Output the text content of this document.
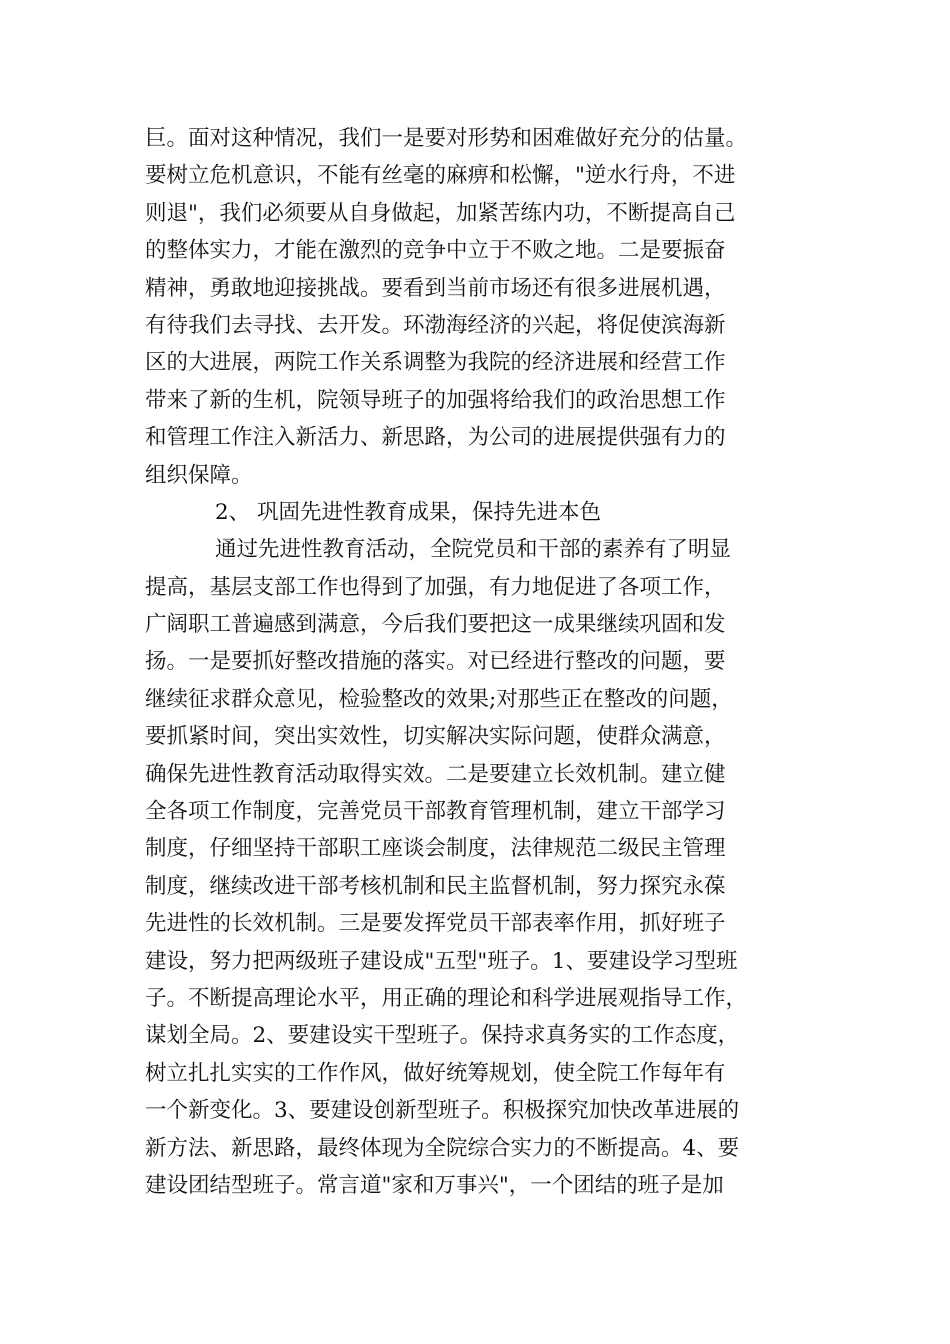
巨。面对这种情况，我们一是要对形势和困难做好充分的估量。
要树立危机意识，不能有丝毫的麻痹和松懈，"逆水行舟，不进
则退"，我们必须要从自身做起，加紧苦练内功，不断提高自己
的整体实力，才能在激烈的竞争中立于不败之地。二是要振奋
精神，勇敢地迎接挑战。要看到当前市场还有很多进展机遇，
有待我们去寻找、去开发。环渤海经济的兴起，将促使滨海新
区的大进展，两院工作关系调整为我院的经济进展和经营工作
带来了新的生机，院领导班子的加强将给我们的政治思想工作
和管理工作注入新活力、新思路，为公司的进展提供强有力的
组织保障。
2、 巩固先进性教育成果，保持先进本色
通过先进性教育活动，全院党员和干部的素养有了明显
提高，基层支部工作也得到了加强，有力地促进了各项工作，
广阔职工普遍感到满意，今后我们要把这一成果继续巩固和发
扬。一是要抓好整改措施的落实。对已经进行整改的问题，要
继续征求群众意见，检验整改的效果;对那些正在整改的问题，
要抓紧时间，突出实效性，切实解决实际问题，使群众满意，
确保先进性教育活动取得实效。二是要建立长效机制。建立健
全各项工作制度，完善党员干部教育管理机制，建立干部学习
制度，仔细坚持干部职工座谈会制度，法律规范二级民主管理
制度，继续改进干部考核机制和民主监督机制，努力探究永葆
先进性的长效机制。三是要发挥党员干部表率作用，抓好班子
建设，努力把两级班子建设成"五型"班子。1、要建设学习型班
子。不断提高理论水平，用正确的理论和科学进展观指导工作，
谋划全局。2、要建设实干型班子。保持求真务实的工作态度，
树立扎扎实实的工作作风，做好统筹规划，使全院工作每年有
一个新变化。3、要建设创新型班子。积极探究加快改革进展的
新方法、新思路，最终体现为全院综合实力的不断提高。4、要
建设团结型班子。常言道"家和万事兴"，一个团结的班子是加
